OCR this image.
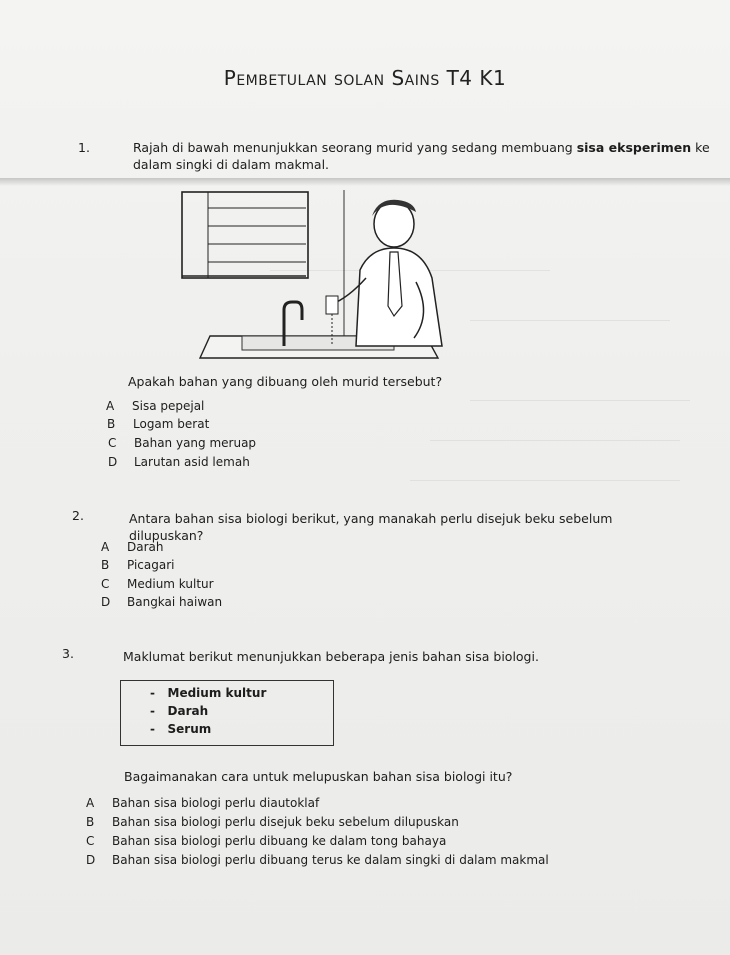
Pembetulan solan Sains T4 K1
1.	Rajah di bawah menunjukkan seorang murid yang sedang membuang sisa eksperimen ke dalam singki di dalam makmal.
Apakah bahan yang dibuang oleh murid tersebut?
A Sisa pepejal
B Logam berat
C Bahan yang meruap
D Larutan asid lemah
2.	Antara bahan sisa biologi berikut, yang manakah perlu disejuk beku sebelum dilupuskan?
A Darah
B Picagari
C Medium kultur
D Bangkai haiwan
3.	Maklumat berikut menunjukkan beberapa jenis bahan sisa biologi.
-   Medium kultur
-   Darah
-   Serum
Bagaimanakan cara untuk melupuskan bahan sisa biologi itu?
A Bahan sisa biologi perlu diautoklaf
B Bahan sisa biologi perlu disejuk beku sebelum dilupuskan
C Bahan sisa biologi perlu dibuang ke dalam tong bahaya
D Bahan sisa biologi perlu dibuang terus ke dalam singki di dalam makmal
